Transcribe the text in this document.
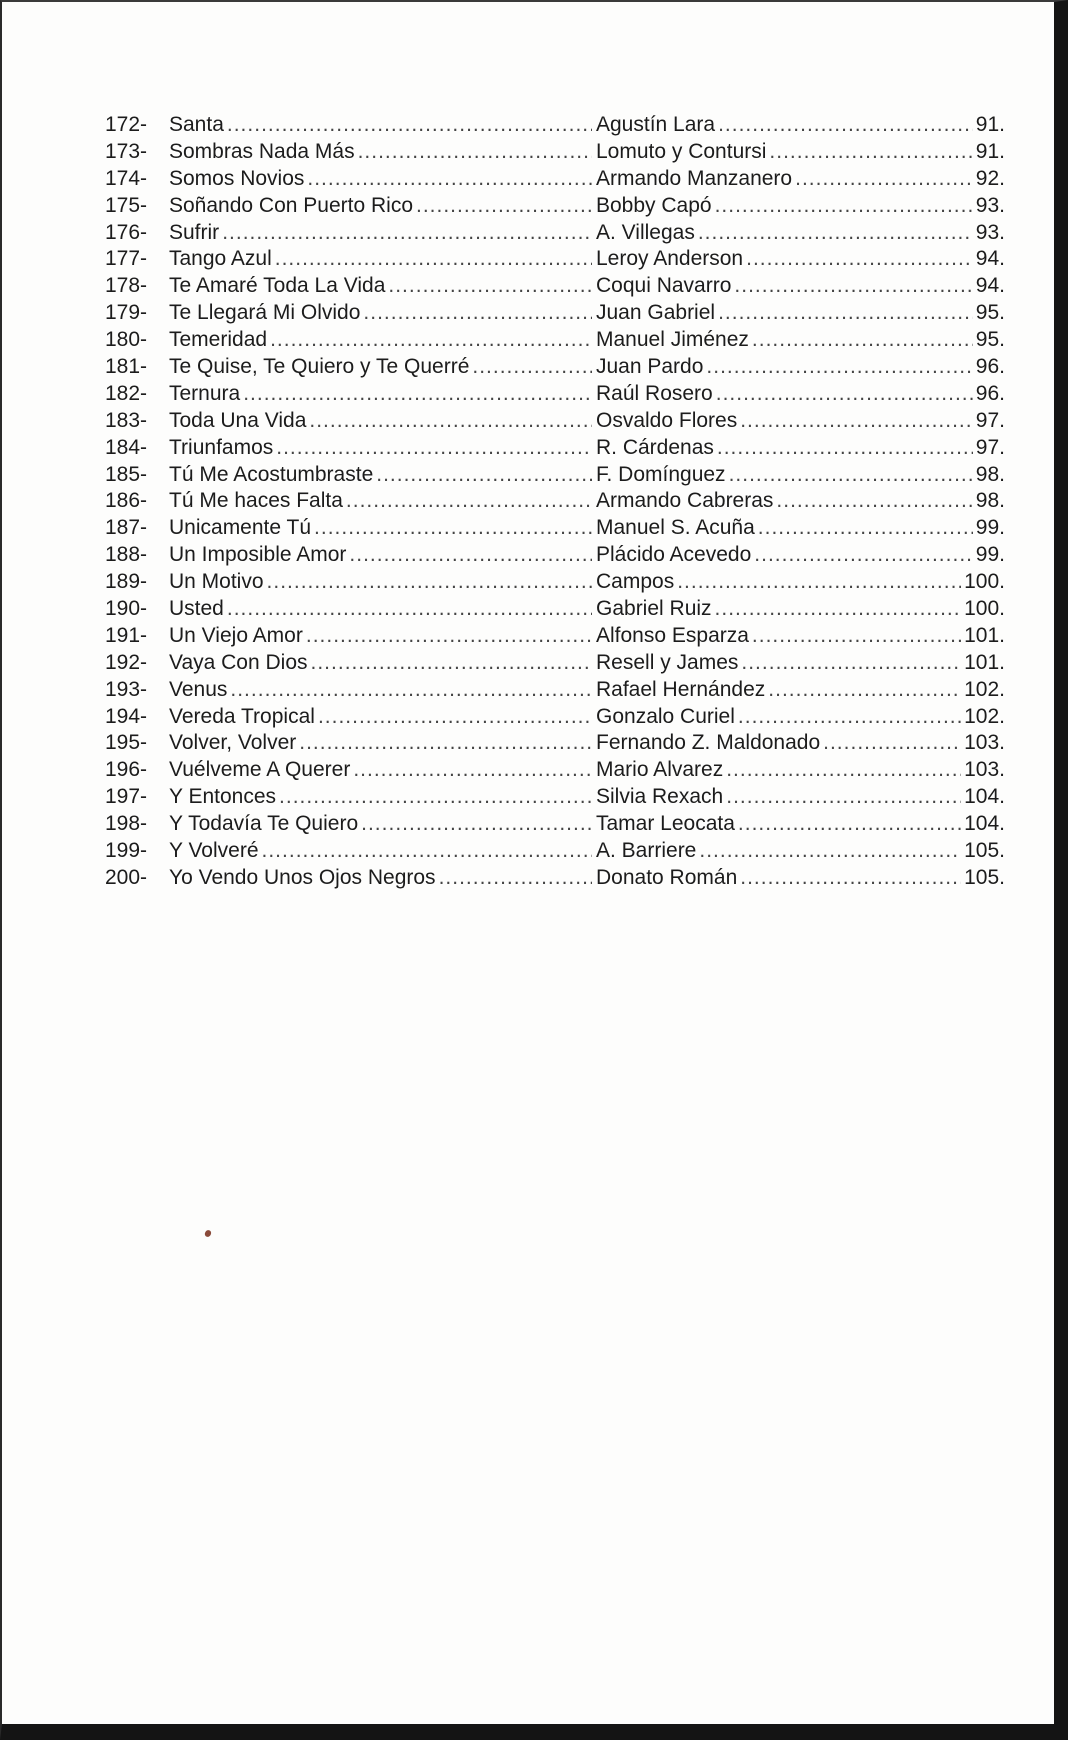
172-	Santa .....	Agustín Lara .....	91.
173-	Sombras Nada Más .....	Lomuto y Contursi .....	91.
174-	Somos Novios .....	Armando Manzanero .....	92.
175-	Soñando Con Puerto Rico .....	Bobby Capó .....	93.
176-	Sufrir .....	A. Villegas .....	93.
177-	Tango Azul .....	Leroy Anderson .....	94.
178-	Te Amaré Toda La Vida .....	Coqui Navarro .....	94.
179-	Te Llegará Mi Olvido .....	Juan Gabriel .....	95.
180-	Temeridad .....	Manuel Jiménez .....	95.
181-	Te Quise, Te Quiero y Te Querré .....	Juan Pardo .....	96.
182-	Ternura .....	Raúl Rosero .....	96.
183-	Toda Una Vida .....	Osvaldo Flores .....	97.
184-	Triunfamos .....	R. Cárdenas .....	97.
185-	Tú Me Acostumbraste .....	F. Domínguez .....	98.
186-	Tú Me haces Falta .....	Armando Cabreras .....	98.
187-	Unicamente Tú .....	Manuel S. Acuña .....	99.
188-	Un Imposible Amor .....	Plácido Acevedo .....	99.
189-	Un Motivo .....	Campos .....	100.
190-	Usted .....	Gabriel Ruiz .....	100.
191-	Un Viejo Amor .....	Alfonso Esparza .....	101.
192-	Vaya Con Dios .....	Resell y James .....	101.
193-	Venus .....	Rafael Hernández .....	102.
194-	Vereda Tropical .....	Gonzalo Curiel .....	102.
195-	Volver, Volver .....	Fernando Z. Maldonado .....	103.
196-	Vuélveme A Querer .....	Mario Alvarez .....	103.
197-	Y Entonces .....	Silvia Rexach .....	104.
198-	Y Todavía Te Quiero .....	Tamar Leocata .....	104.
199-	Y Volveré .....	A. Barriere .....	105.
200-	Yo Vendo Unos Ojos Negros .....	Donato Román .....	105.
